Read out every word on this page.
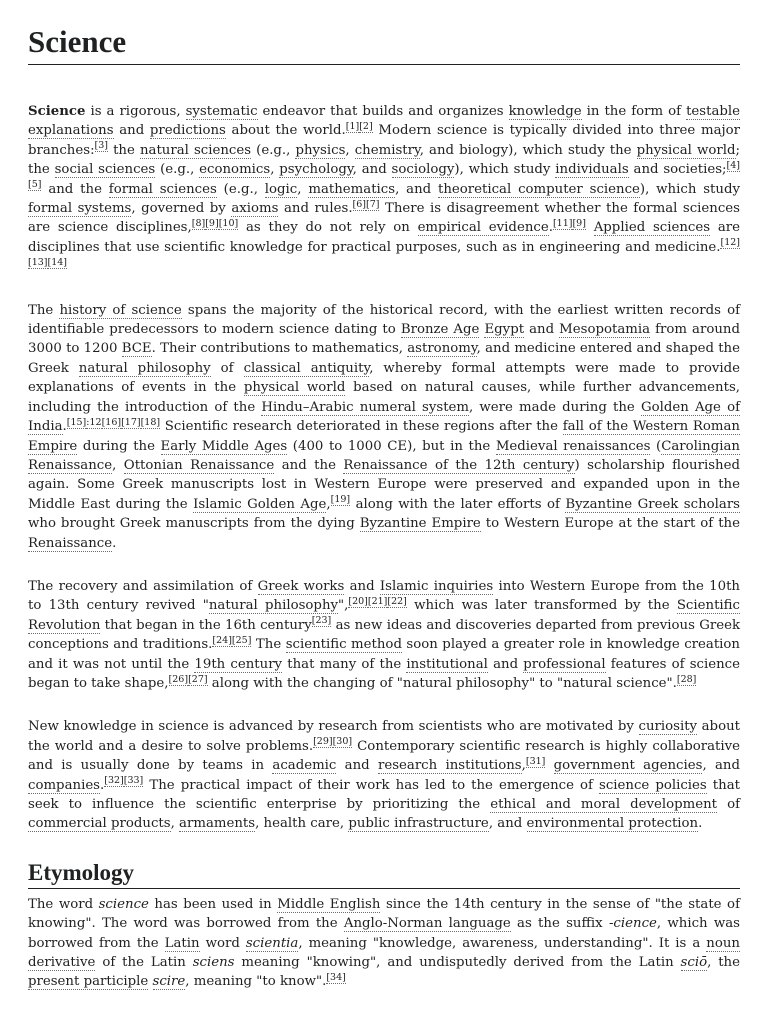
Science

Science is a rigorous, systematic endeavor that builds and organizes knowledge in the form of testable explanations and predictions about the world.[1][2] Modern science is typically divided into three major branches:[3] the natural sciences (e.g., physics, chemistry, and biology), which study the physical world; the social sciences (e.g., economics, psychology, and sociology), which study individuals and societies;[4][5] and the formal sciences (e.g., logic, mathematics, and theoretical computer science), which study formal systems, governed by axioms and rules.[6][7] There is disagreement whether the formal sciences are science disciplines,[8][9][10] as they do not rely on empirical evidence.[11][9] Applied sciences are disciplines that use scientific knowledge for practical purposes, such as in engineering and medicine.[12][13][14]

The history of science spans the majority of the historical record, with the earliest written records of identifiable predecessors to modern science dating to Bronze Age Egypt and Mesopotamia from around 3000 to 1200 BCE. Their contributions to mathematics, astronomy, and medicine entered and shaped the Greek natural philosophy of classical antiquity, whereby formal attempts were made to provide explanations of events in the physical world based on natural causes, while further advancements, including the introduction of the Hindu–Arabic numeral system, were made during the Golden Age of India.[15]:12[16][17][18] Scientific research deteriorated in these regions after the fall of the Western Roman Empire during the Early Middle Ages (400 to 1000 CE), but in the Medieval renaissances (Carolingian Renaissance, Ottonian Renaissance and the Renaissance of the 12th century) scholarship flourished again. Some Greek manuscripts lost in Western Europe were preserved and expanded upon in the Middle East during the Islamic Golden Age,[19] along with the later efforts of Byzantine Greek scholars who brought Greek manuscripts from the dying Byzantine Empire to Western Europe at the start of the Renaissance.

The recovery and assimilation of Greek works and Islamic inquiries into Western Europe from the 10th to 13th century revived "natural philosophy",[20][21][22] which was later transformed by the Scientific Revolution that began in the 16th century[23] as new ideas and discoveries departed from previous Greek conceptions and traditions.[24][25] The scientific method soon played a greater role in knowledge creation and it was not until the 19th century that many of the institutional and professional features of science began to take shape,[26][27] along with the changing of "natural philosophy" to "natural science".[28]

New knowledge in science is advanced by research from scientists who are motivated by curiosity about the world and a desire to solve problems.[29][30] Contemporary scientific research is highly collaborative and is usually done by teams in academic and research institutions,[31] government agencies, and companies.[32][33] The practical impact of their work has led to the emergence of science policies that seek to influence the scientific enterprise by prioritizing the ethical and moral development of commercial products, armaments, health care, public infrastructure, and environmental protection.

Etymology

The word science has been used in Middle English since the 14th century in the sense of "the state of knowing". The word was borrowed from the Anglo-Norman language as the suffix -cience, which was borrowed from the Latin word scientia, meaning "knowledge, awareness, understanding". It is a noun derivative of the Latin sciens meaning "knowing", and undisputedly derived from the Latin sciō, the present participle scire, meaning "to know".[34]
